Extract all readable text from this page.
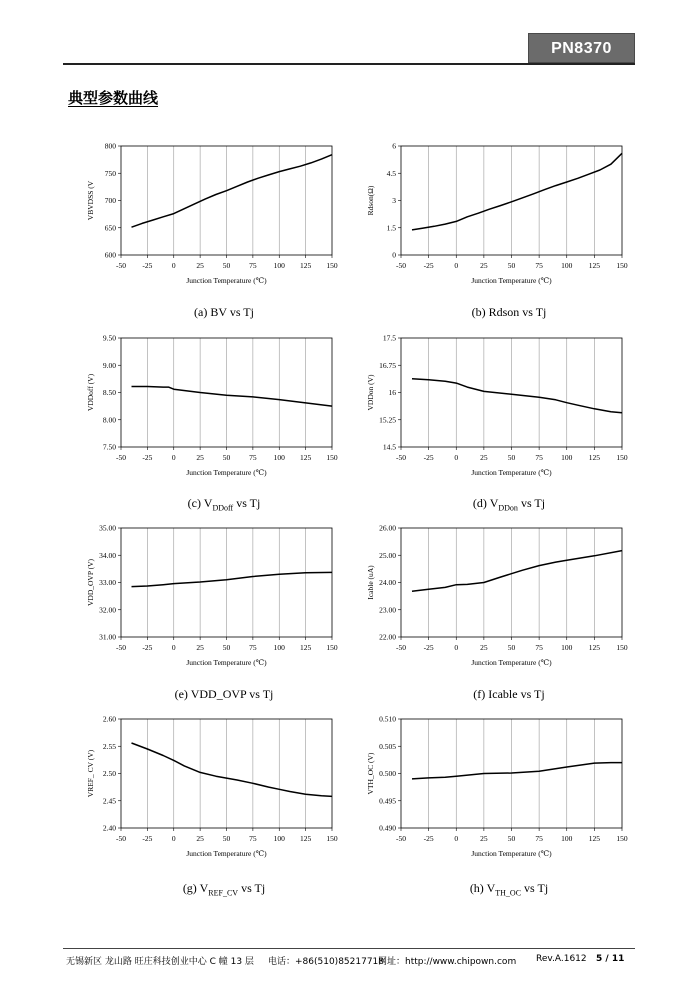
PN8370
典型参数曲线
600
650
700
750
800
-50 -25	0	25	50	75 100 125 150
Junction Temperature (℃)
VBVDSS (V
0
1.5
3
4.5
6
-50 -25	0	25	50	75 100 125 150
Junction Temperature (℃)
Rdson(Ω)
7.50
8.00
8.50
9.00
9.50
-50 -25	0	25	50	75 100 125 150
Junction Temperature (℃)
VDDoff (V)
14.5
15.25
16
16.75
17.5
-50 -25	0	25	50	75 100 125 150
Junction Temperature (℃)
VDDon (V)
31.00
32.00
33.00
34.00
35.00
-50 -25	0	25	50	75 100 125 150
Junction Temperature (℃)
VDD_OVP (V)
22.00
23.00
24.00
25.00
26.00
-50 -25	0	25	50	75 100 125 150
Junction Temperature (℃)
Icable (uA)
2.40
2.45
2.50
2.55
2.60
-50 -25	0	25	50	75 100 125 150
Junction Temperature (℃)
VREF_ CV (V)
0.490
0.495
0.500
0.505
0.510
-50 -25	0	25	50	75 100 125 150
Junction Temperature (℃)
VTH_OC (V)
(a) BV vs Tj	(b) Rdson vs Tj
(c) $V_{DDoff}$ vs Tj	(d) $V_{DDon}$ vs Tj
(e) VDD_OVP vs Tj	(f) Icable vs Tj
(g) $V_{REF\_CV}$ vs Tj	(h) $V_{TH\_OC}$ vs Tj
无锡新区 龙山路 旺庄科技创业中心 C 幢 13 层 电话：+86(510)85217718
网址：http://www.chipown.com Rev.A.1612 5 / 11
